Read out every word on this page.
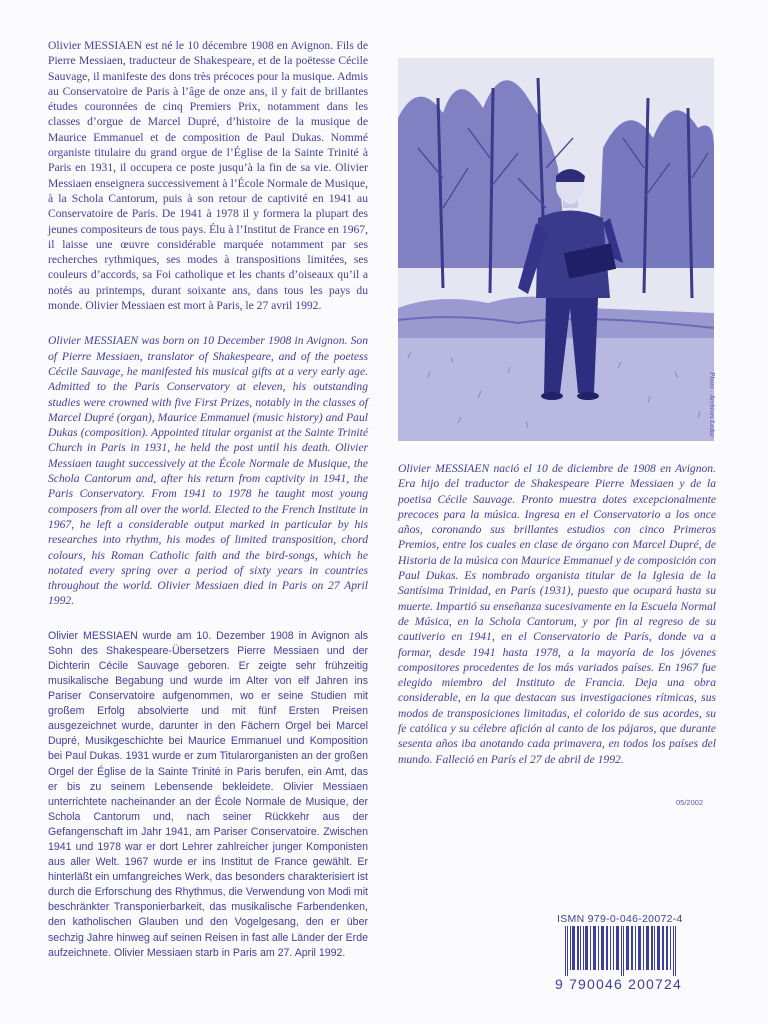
Olivier MESSIAEN est né le 10 décembre 1908 en Avignon. Fils de Pierre Messiaen, traducteur de Shakespeare, et de la poëtesse Cécile Sauvage, il manifeste des dons très précoces pour la musique. Admis au Conservatoire de Paris à l’âge de onze ans, il y fait de brillantes études couronnées de cinq Premiers Prix, notamment dans les classes d’orgue de Marcel Dupré, d’histoire de la musique de Maurice Emmanuel et de composition de Paul Dukas. Nommé organiste titulaire du grand orgue de l’Église de la Sainte Trinité à Paris en 1931, il occupera ce poste jusqu’à la fin de sa vie. Olivier Messiaen enseignera successivement à l’École Normale de Musique, à la Schola Cantorum, puis à son retour de captivité en 1941 au Conservatoire de Paris. De 1941 à 1978 il y formera la plupart des jeunes compositeurs de tous pays. Élu à l’Institut de France en 1967, il laisse une œuvre considérable marquée notamment par ses recherches rythmiques, ses modes à transpositions limitées, ses couleurs d’accords, sa Foi catholique et les chants d’oiseaux qu’il a notés au printemps, durant soixante ans, dans tous les pays du monde. Olivier Messiaen est mort à Paris, le 27 avril 1992.

Olivier MESSIAEN was born on 10 December 1908 in Avignon. Son of Pierre Messiaen, translator of Shakespeare, and of the poetess Cécile Sauvage, he manifested his musical gifts at a very early age. Admitted to the Paris Conservatory at eleven, his outstanding studies were crowned with five First Prizes, notably in the classes of Marcel Dupré (organ), Maurice Emmanuel (music history) and Paul Dukas (composition). Appointed titular organist at the Sainte Trinité Church in Paris in 1931, he held the post until his death. Olivier Messiaen taught successively at the École Normale de Musique, the Schola Cantorum and, after his return from captivity in 1941, the Paris Conservatory. From 1941 to 1978 he taught most young composers from all over the world. Elected to the French Institute in 1967, he left a considerable output marked in particular by his researches into rhythm, his modes of limited transposition, chord colours, his Roman Catholic faith and the bird-songs, which he notated every spring over a period of sixty years in countries throughout the world. Olivier Messiaen died in Paris on 27 April 1992.

Olivier MESSIAEN wurde am 10. Dezember 1908 in Avignon als Sohn des Shakespeare-Übersetzers Pierre Messiaen und der Dichterin Cécile Sauvage geboren. Er zeigte sehr frühzeitig musikalische Begabung und wurde im Alter von elf Jahren ins Pariser Conservatoire aufgenommen, wo er seine Studien mit großem Erfolg absolvierte und mit fünf Ersten Preisen ausgezeichnet wurde, darunter in den Fächern Orgel bei Marcel Dupré, Musikgeschichte bei Maurice Emmanuel und Komposition bei Paul Dukas. 1931 wurde er zum Titularorganisten an der großen Orgel der Église de la Sainte Trinité in Paris berufen, ein Amt, das er bis zu seinem Lebensende bekleidete. Olivier Messiaen unterrichtete nacheinander an der École Normale de Musique, der Schola Cantorum und, nach seiner Rückkehr aus der Gefangenschaft im Jahr 1941, am Pariser Conservatoire. Zwischen 1941 und 1978 war er dort Lehrer zahlreicher junger Komponisten aus aller Welt. 1967 wurde er ins Institut de France gewählt. Er hinterläßt ein umfangreiches Werk, das besonders charakterisiert ist durch die Erforschung des Rhythmus, die Verwendung von Modi mit beschränkter Transponierbarkeit, das musikalische Farbendenken, den katholischen Glauben und den Vogelgesang, den er über sechzig Jahre hinweg auf seinen Reisen in fast alle Länder der Erde aufzeichnete. Olivier Messiaen starb in Paris am 27. April 1992.

Photo : Archives Leduc

Olivier MESSIAEN nació el 10 de diciembre de 1908 en Avignon. Era hijo del traductor de Shakespeare Pierre Messiaen y de la poetisa Cécile Sauvage. Pronto muestra dotes excepcionalmente precoces para la música. Ingresa en el Conservatorio a los once años, coronando sus brillantes estudios con cinco Primeros Premios, entre los cuales en clase de órgano con Marcel Dupré, de Historia de la música con Maurice Emmanuel y de composición con Paul Dukas. Es nombrado organista titular de la Iglesia de la Santísima Trinidad, en París (1931), puesto que ocupará hasta su muerte. Impartió su enseñanza sucesivamente en la Escuela Normal de Música, en la Schola Cantorum, y por fin al regreso de su cautiverio en 1941, en el Conservatorio de París, donde va a formar, desde 1941 hasta 1978, a la mayoría de los jóvenes compositores procedentes de los más variados países. En 1967 fue elegido miembro del Instituto de Francia. Deja una obra considerable, en la que destacan sus investigaciones rítmicas, sus modos de transposiciones limitadas, el colorido de sus acordes, su fe católica y su célebre afición al canto de los pájaros, que durante sesenta años iba anotando cada primavera, en todos los países del mundo. Falleció en París el 27 de abril de 1992.

05/2002
ISMN 979-0-046-20072-4
9 790046 200724
